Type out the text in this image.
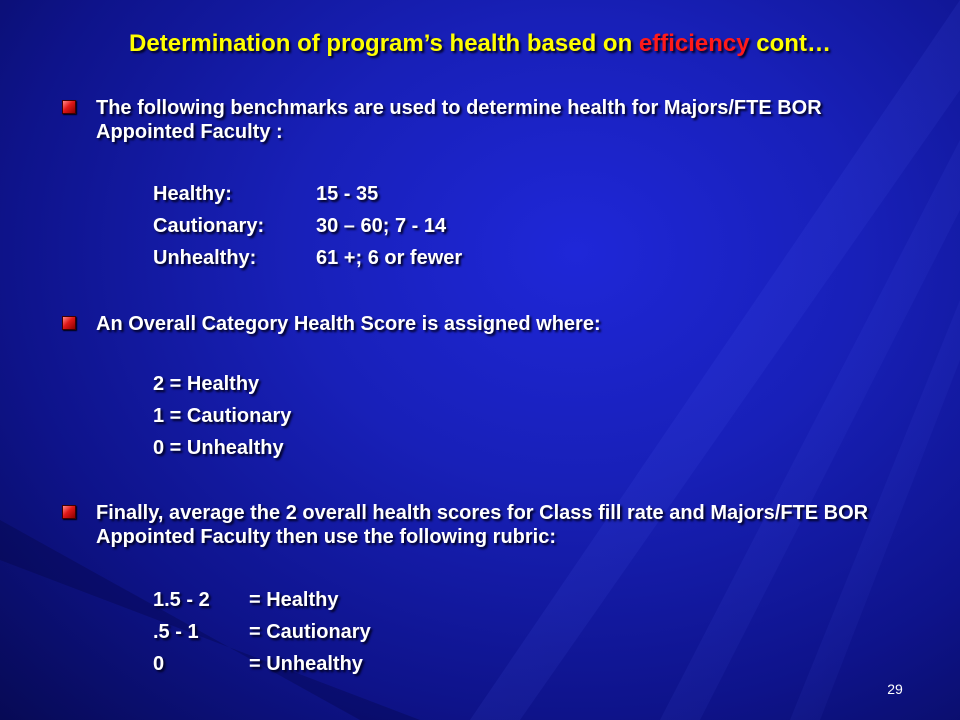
Determination of program’s health based on efficiency cont…
The following benchmarks are used to determine health for Majors/FTE BOR Appointed Faculty :
Healthy:	15 - 35
Cautionary:	30 – 60; 7 - 14
Unhealthy:	61 +; 6 or fewer
An Overall Category Health Score is assigned where:
2 = Healthy
1 = Cautionary
0 = Unhealthy
Finally, average the 2 overall health scores for Class fill rate and Majors/FTE BOR Appointed Faculty then use the following rubric:
1.5 - 2 = Healthy
.5 - 1	= Cautionary
0	= Unhealthy
29
